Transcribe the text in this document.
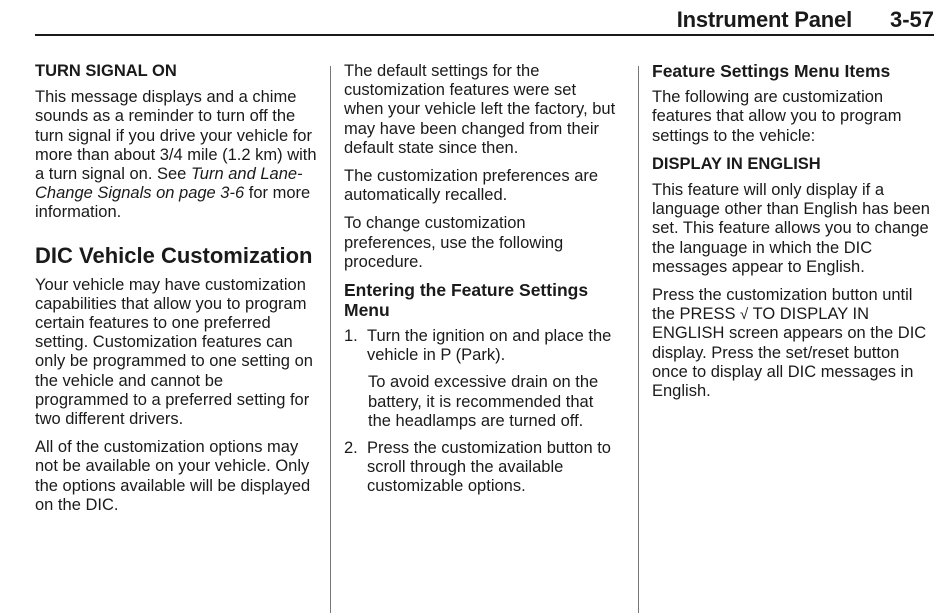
Instrument Panel 3-57
TURN SIGNAL ON

This message displays and a chime sounds as a reminder to turn off the turn signal if you drive your vehicle for more than about 3/4 mile (1.2 km) with a turn signal on. See Turn and Lane-Change Signals on page 3-6 for more information.

DIC Vehicle Customization

Your vehicle may have customization capabilities that allow you to program certain features to one preferred setting. Customization features can only be programmed to one setting on the vehicle and cannot be programmed to a preferred setting for two different drivers.

All of the customization options may not be available on your vehicle. Only the options available will be displayed on the DIC.

The default settings for the customization features were set when your vehicle left the factory, but may have been changed from their default state since then.

The customization preferences are automatically recalled.

To change customization preferences, use the following procedure.

Entering the Feature Settings Menu
1. Turn the ignition on and place the vehicle in P (Park).
To avoid excessive drain on the battery, it is recommended that the headlamps are turned off.
2. Press the customization button to scroll through the available customizable options.
Feature Settings Menu Items

The following are customization features that allow you to program settings to the vehicle:

DISPLAY IN ENGLISH

This feature will only display if a language other than English has been set. This feature allows you to change the language in which the DIC messages appear to English.

Press the customization button until the PRESS √ TO DISPLAY IN ENGLISH screen appears on the DIC display. Press the set/reset button once to display all DIC messages in English.
